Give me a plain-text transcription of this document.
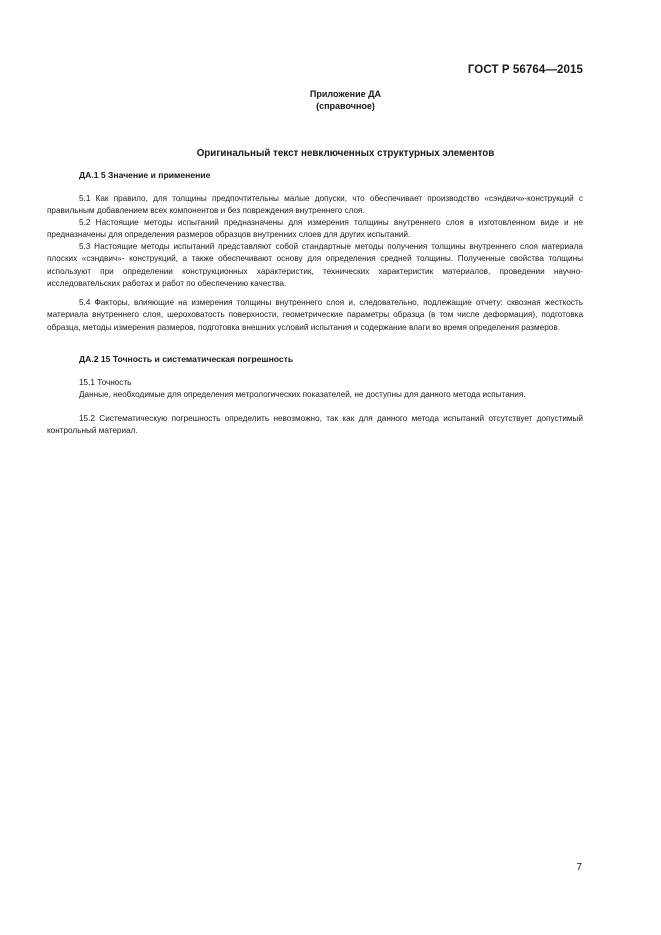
ГОСТ Р 56764—2015
Приложение ДА
(справочное)
Оригинальный текст невключенных структурных элементов
ДА.1 5 Значение и применение

5.1 Как правило, для толщины предпочтительны малые допуски, что обеспечивает производство «сэндвич»-конструкций с правильным добавлением всех компонентов и без повреждения внутреннего слоя.

5.2 Настоящие методы испытаний предназначены для измерения толщины внутреннего слоя в изготовленном виде и не предназначены для определения размеров образцов внутренних слоев для других испытаний.

5.3 Настоящие методы испытаний представляют собой стандартные методы получения толщины внутреннего слоя материала плоских «сэндвич»- конструкций, а также обеспечивают основу для определения средней толщины. Полученные свойства толщины используют при определении конструкционных характеристик, технических характеристик материалов, проведении научно-исследовательских работах и работ по обеспечению качества.

5.4 Факторы, влияющие на измерения толщины внутреннего слоя и, следовательно, подлежащие отчету: сквозная жесткость материала внутреннего слоя, шероховатость поверхности, геометрические параметры образца (в том числе деформация), подготовка образца, методы измерения размеров, подготовка внешних условий испытания и содержание влаги во время определения размеров.

ДА.2 15 Точность и систематическая погрешность

15.1 Точность

Данные, необходимые для определения метрологических показателей, не доступны для данного метода испытания.

15.2 Систематическую погрешность определить невозможно, так как для данного метода испытаний отсутствует допустимый контрольный материал.

7
